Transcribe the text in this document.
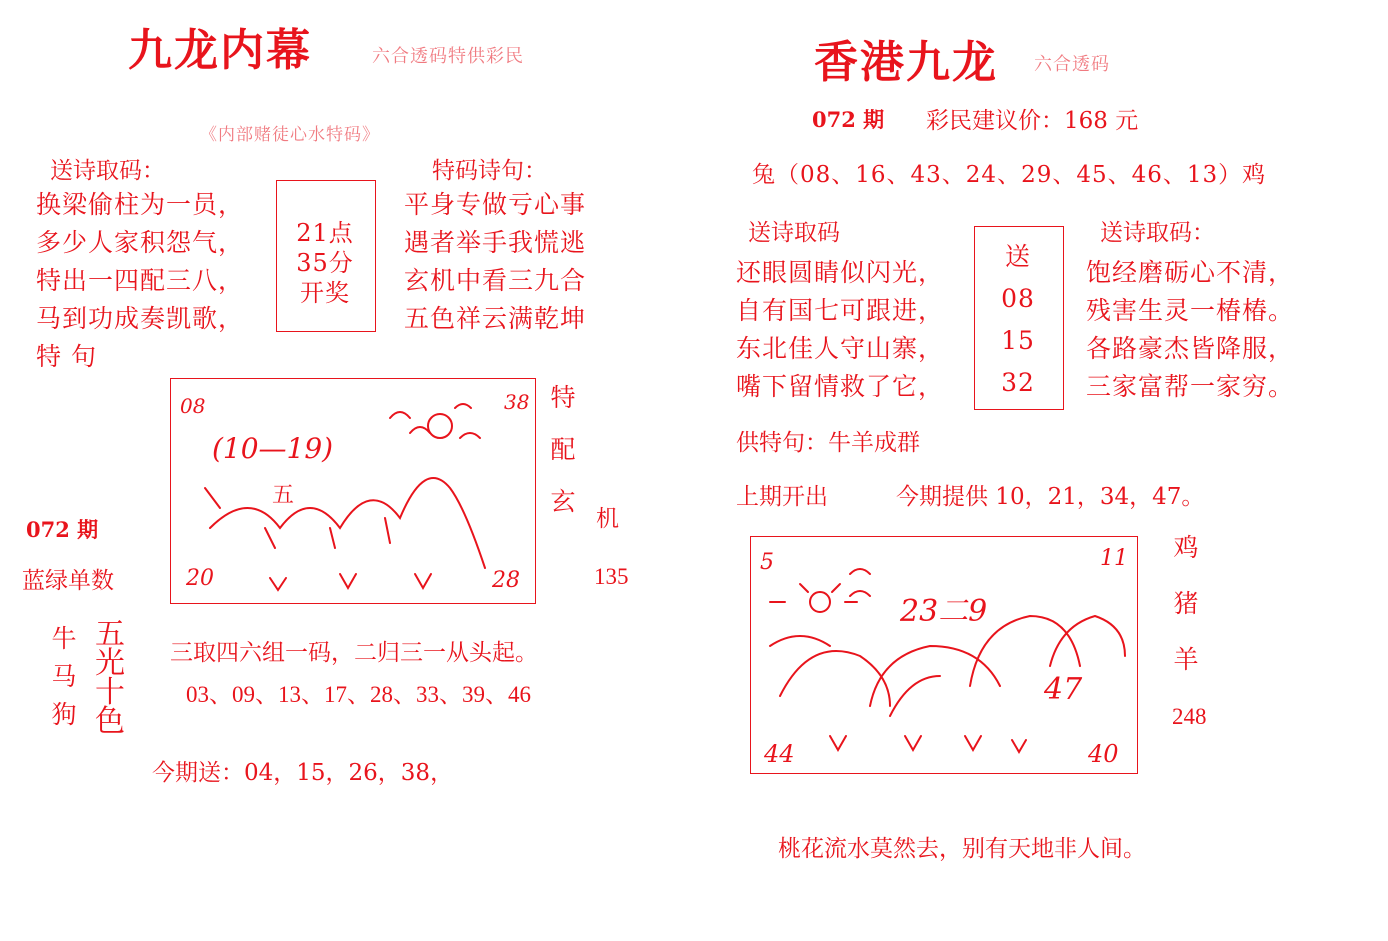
九龙内幕	六合透码特供彩民
《内部赌徒心水特码》
送诗取码：
换梁偷柱为一员，
多少人家积怨气，
特出一四配三八，
马到功成奏凯歌，
特 句
21点
35分
开奖
特码诗句：
平身专做亏心事
遇者举手我慌逃
玄机中看三九合
五色祥云满乾坤
08	38
(10—19)
五
20	28
特
配
玄
机
135
072 期
蓝绿单数
牛
马
狗
五
光
十
色
三取四六组一码，二归三一从头起。
03、09、13、17、28、33、39、46
今期送：04，15，26，38，
香港九龙 六合透码
072 期 彩民建议价：168 元
兔（08、16、43、24、29、45、46、13）鸡
送诗取码
还眼圆睛似闪光，
自有国七可跟进，
东北佳人守山寨，
嘴下留情救了它，
送
08
15
32
送诗取码：
饱经磨砺心不清，
残害生灵一椿椿。
各路豪杰皆降服，
三家富帮一家穷。
供特句：牛羊成群
上期开出	今期提供 10，21，34，47。
5	11
23二9
47
44	40
鸡
猪
羊
248
桃花流水莫然去，别有天地非人间。
